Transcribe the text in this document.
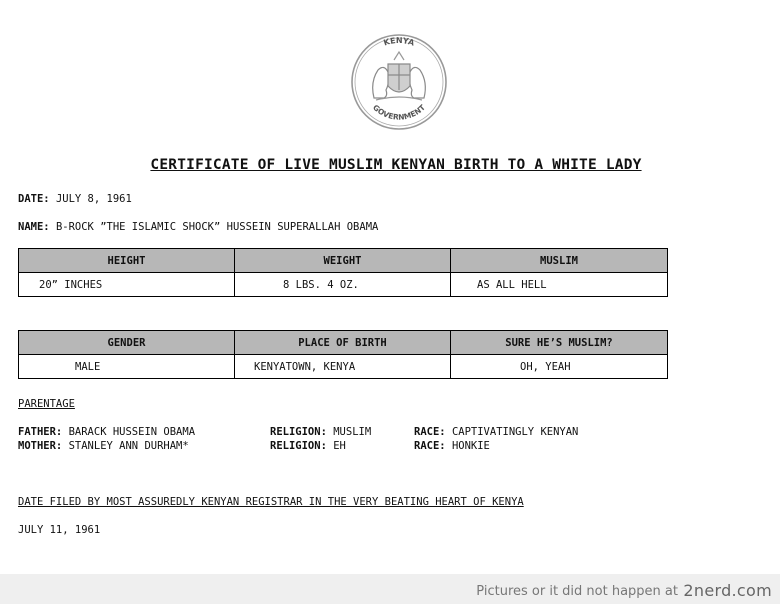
KENYA
GOVERNMENT
CERTIFICATE OF LIVE MUSLIM KENYAN BIRTH TO A WHITE LADY
DATE: JULY 8, 1961
NAME: B-ROCK ”THE ISLAMIC SHOCK” HUSSEIN SUPERALLAH OBAMA
HEIGHT	WEIGHT	MUSLIM
20” INCHES	8 LBS. 4 OZ.	AS ALL HELL
GENDER	PLACE OF BIRTH	SURE HE’S MUSLIM?
MALE	KENYATOWN, KENYA	OH, YEAH
PARENTAGE
FATHER: BARACK HUSSEIN OBAMA	RELIGION: MUSLIM	RACE: CAPTIVATINGLY KENYAN
MOTHER: STANLEY ANN DURHAM*	RELIGION: EH	RACE: HONKIE
DATE FILED BY MOST ASSUREDLY KENYAN REGISTRAR IN THE VERY BEATING HEART OF KENYA
JULY 11, 1961
Pictures or it did not happen at 2nerd.com
